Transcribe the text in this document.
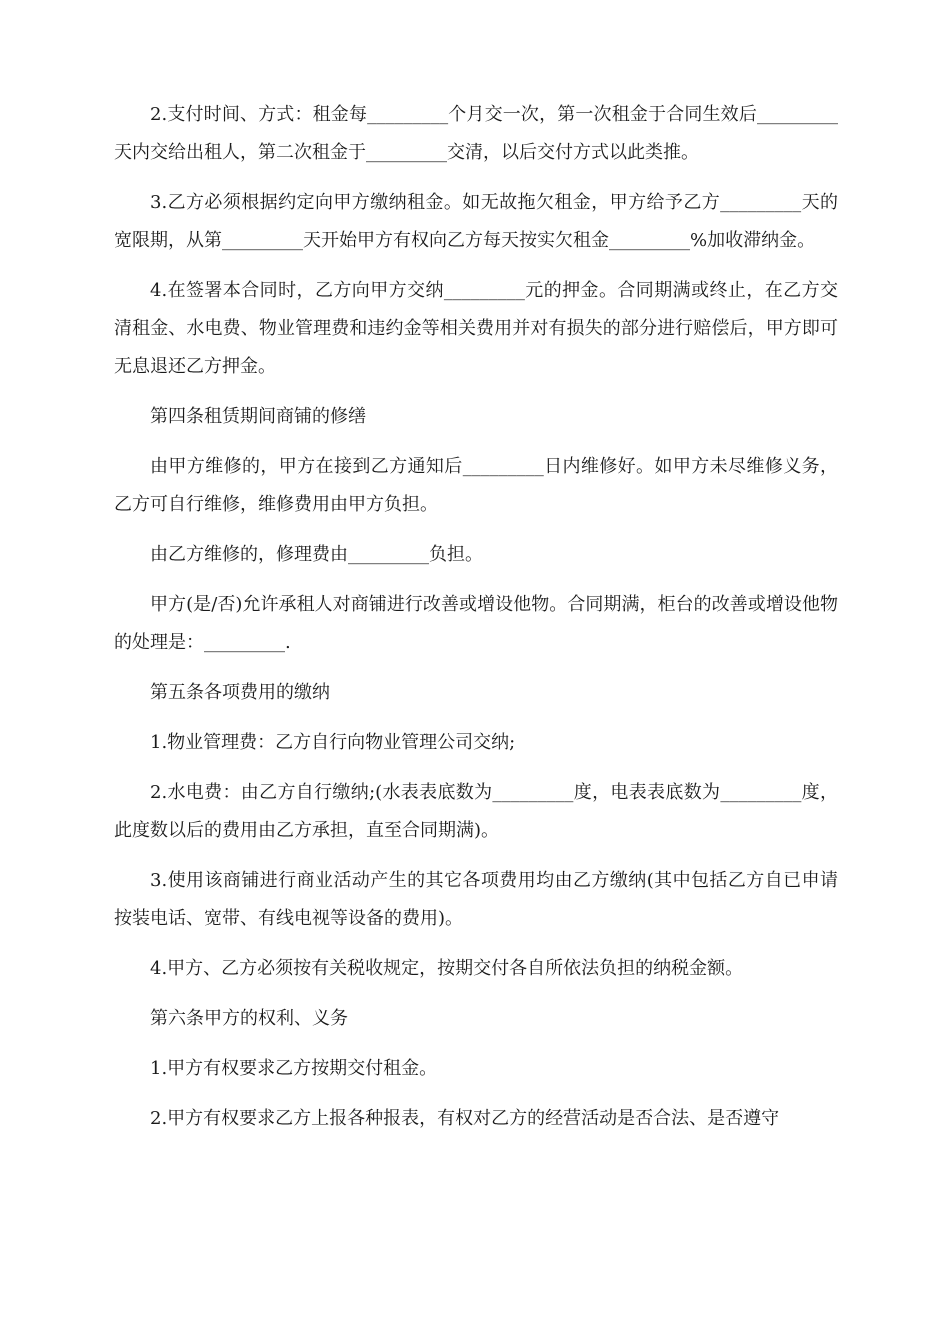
2.支付时间、方式：租金每_________个月交一次，第一次租金于合同生效后_________天内交给出租人，第二次租金于_________交清，以后交付方式以此类推。

3.乙方必须根据约定向甲方缴纳租金。如无故拖欠租金，甲方给予乙方_________天的宽限期，从第_________天开始甲方有权向乙方每天按实欠租金_________%加收滞纳金。

4.在签署本合同时，乙方向甲方交纳_________元的押金。合同期满或终止，在乙方交清租金、水电费、物业管理费和违约金等相关费用并对有损失的部分进行赔偿后，甲方即可无息退还乙方押金。

第四条租赁期间商铺的修缮

由甲方维修的，甲方在接到乙方通知后_________日内维修好。如甲方未尽维修义务，乙方可自行维修，维修费用由甲方负担。

由乙方维修的，修理费由_________负担。

甲方(是/否)允许承租人对商铺进行改善或增设他物。合同期满，柜台的改善或增设他物的处理是：_________.

第五条各项费用的缴纳

1.物业管理费：乙方自行向物业管理公司交纳;

2.水电费：由乙方自行缴纳;(水表表底数为_________度，电表表底数为_________度，此度数以后的费用由乙方承担，直至合同期满)。

3.使用该商铺进行商业活动产生的其它各项费用均由乙方缴纳(其中包括乙方自已申请按装电话、宽带、有线电视等设备的费用)。

4.甲方、乙方必须按有关税收规定，按期交付各自所依法负担的纳税金额。

第六条甲方的权利、义务

1.甲方有权要求乙方按期交付租金。

2.甲方有权要求乙方上报各种报表，有权对乙方的经营活动是否合法、是否遵守
